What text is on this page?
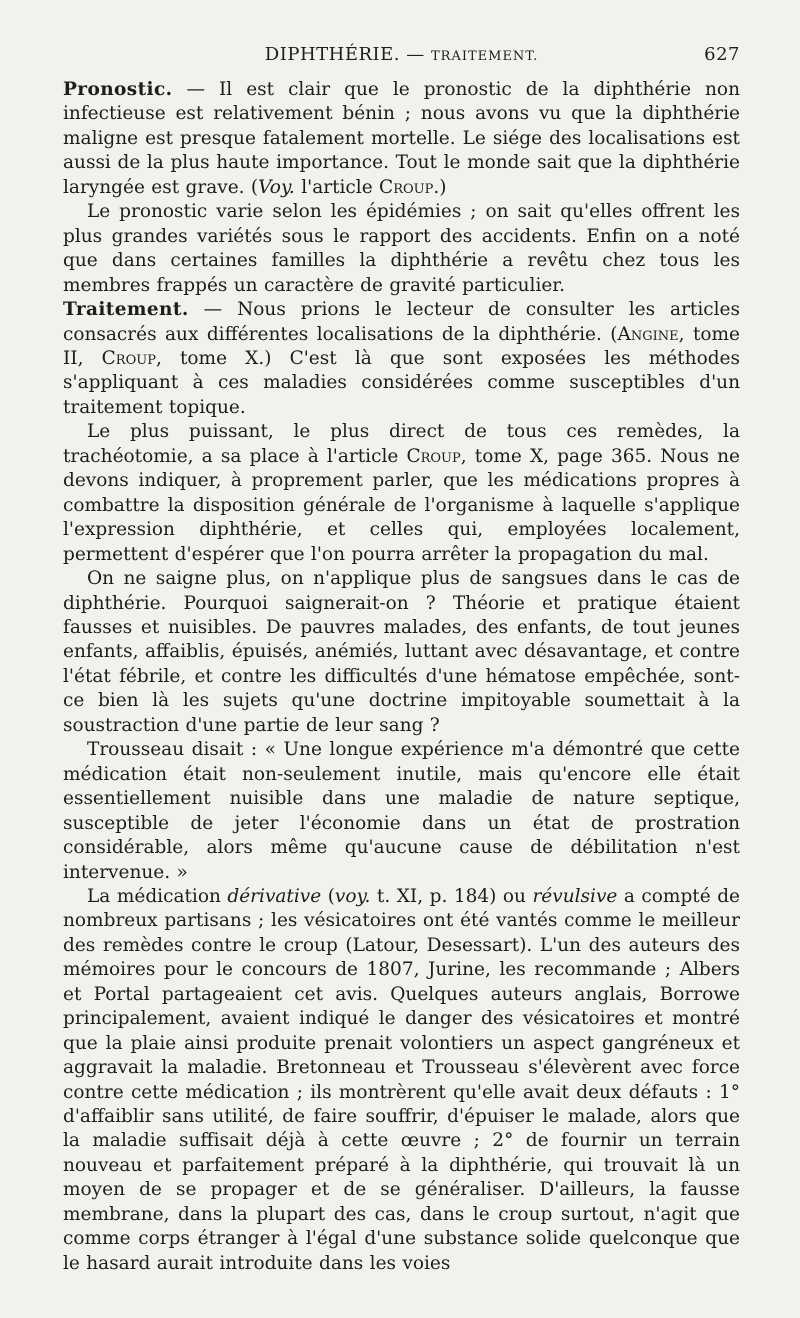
DIPHTHÉRIE. — TRAITEMENT.	627

Pronostic. — Il est clair que le pronostic de la diphthérie non infectieuse est relativement bénin ; nous avons vu que la diphthérie maligne est presque fatalement mortelle. Le siége des localisations est aussi de la plus haute importance. Tout le monde sait que la diphthérie laryngée est grave. (Voy. l'article Croup.)

Le pronostic varie selon les épidémies ; on sait qu'elles offrent les plus grandes variétés sous le rapport des accidents. Enfin on a noté que dans certaines familles la diphthérie a revêtu chez tous les membres frappés un caractère de gravité particulier.

Traitement. — Nous prions le lecteur de consulter les articles consacrés aux différentes localisations de la diphthérie. (Angine, tome II, Croup, tome X.) C'est là que sont exposées les méthodes s'appliquant à ces maladies considérées comme susceptibles d'un traitement topique.

Le plus puissant, le plus direct de tous ces remèdes, la trachéotomie, a sa place à l'article Croup, tome X, page 365. Nous ne devons indiquer, à proprement parler, que les médications propres à combattre la disposition générale de l'organisme à laquelle s'applique l'expression diphthérie, et celles qui, employées localement, permettent d'espérer que l'on pourra arrêter la propagation du mal.

On ne saigne plus, on n'applique plus de sangsues dans le cas de diphthérie. Pourquoi saignerait-on ? Théorie et pratique étaient fausses et nuisibles. De pauvres malades, des enfants, de tout jeunes enfants, affaiblis, épuisés, anémiés, luttant avec désavantage, et contre l'état fébrile, et contre les difficultés d'une hématose empêchée, sont-ce bien là les sujets qu'une doctrine impitoyable soumettait à la soustraction d'une partie de leur sang ?

Trousseau disait : « Une longue expérience m'a démontré que cette médication était non-seulement inutile, mais qu'encore elle était essentiellement nuisible dans une maladie de nature septique, susceptible de jeter l'économie dans un état de prostration considérable, alors même qu'aucune cause de débilitation n'est intervenue. »

La médication dérivative (voy. t. XI, p. 184) ou révulsive a compté de nombreux partisans ; les vésicatoires ont été vantés comme le meilleur des remèdes contre le croup (Latour, Desessart). L'un des auteurs des mémoires pour le concours de 1807, Jurine, les recommande ; Albers et Portal partageaient cet avis. Quelques auteurs anglais, Borrowe principalement, avaient indiqué le danger des vésicatoires et montré que la plaie ainsi produite prenait volontiers un aspect gangréneux et aggravait la maladie. Bretonneau et Trousseau s'élevèrent avec force contre cette médication ; ils montrèrent qu'elle avait deux défauts : 1° d'affaiblir sans utilité, de faire souffrir, d'épuiser le malade, alors que la maladie suffisait déjà à cette œuvre ; 2° de fournir un terrain nouveau et parfaitement préparé à la diphthérie, qui trouvait là un moyen de se propager et de se généraliser. D'ailleurs, la fausse membrane, dans la plupart des cas, dans le croup surtout, n'agit que comme corps étranger à l'égal d'une substance solide quelconque que le hasard aurait introduite dans les voies
